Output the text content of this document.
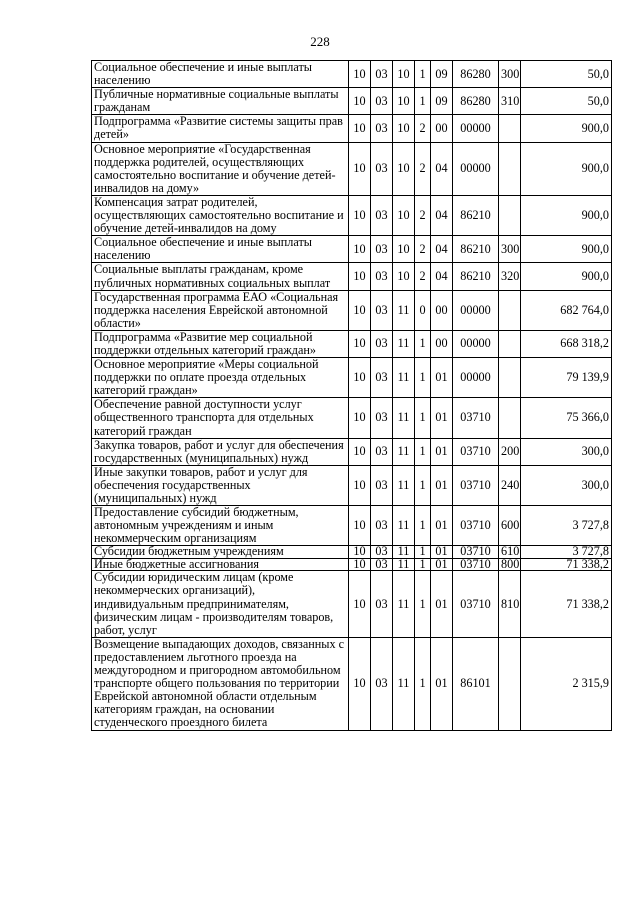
228
Социальное обеспечение и иные выплаты населению	10	03	10	1	09	86280	300	50,0
Публичные нормативные социальные выплаты гражданам	10	03	10	1	09	86280	310	50,0
Подпрограмма «Развитие системы защиты прав детей»	10	03	10	2	00	00000		900,0
Основное мероприятие «Государственная поддержка родителей, осуществляющих самостоятельно воспитание и обучение детей-инвалидов на дому»	10	03	10	2	04	00000		900,0
Компенсация затрат родителей, осуществляющих самостоятельно воспитание и обучение детей-инвалидов на дому	10	03	10	2	04	86210		900,0
Социальное обеспечение и иные выплаты населению	10	03	10	2	04	86210	300	900,0
Социальные выплаты гражданам, кроме публичных нормативных социальных выплат	10	03	10	2	04	86210	320	900,0
Государственная программа ЕАО «Социальная поддержка населения Еврейской автономной области»	10	03	11	0	00	00000		682 764,0
Подпрограмма «Развитие мер социальной поддержки отдельных категорий граждан»	10	03	11	1	00	00000		668 318,2
Основное мероприятие «Меры социальной поддержки по оплате проезда отдельных категорий граждан»	10	03	11	1	01	00000		79 139,9
Обеспечение равной доступности услуг общественного транспорта для отдельных категорий граждан	10	03	11	1	01	03710		75 366,0
Закупка товаров, работ и услуг для обеспечения государственных (муниципальных) нужд	10	03	11	1	01	03710	200	300,0
Иные закупки товаров, работ и услуг для обеспечения государственных (муниципальных) нужд	10	03	11	1	01	03710	240	300,0
Предоставление субсидий бюджетным, автономным учреждениям и иным некоммерческим организациям	10	03	11	1	01	03710	600	3 727,8
Субсидии бюджетным учреждениям	10	03	11	1	01	03710	610	3 727,8
Иные бюджетные ассигнования	10	03	11	1	01	03710	800	71 338,2
Субсидии юридическим лицам (кроме некоммерческих организаций), индивидуальным предпринимателям, физическим лицам - производителям товаров, работ, услуг	10	03	11	1	01	03710	810	71 338,2
Возмещение выпадающих доходов, связанных с предоставлением льготного проезда на междугородном и пригородном автомобильном транспорте общего пользования по территории Еврейской автономной области отдельным категориям граждан, на основании студенческого проездного билета	10	03	11	1	01	86101		2 315,9
